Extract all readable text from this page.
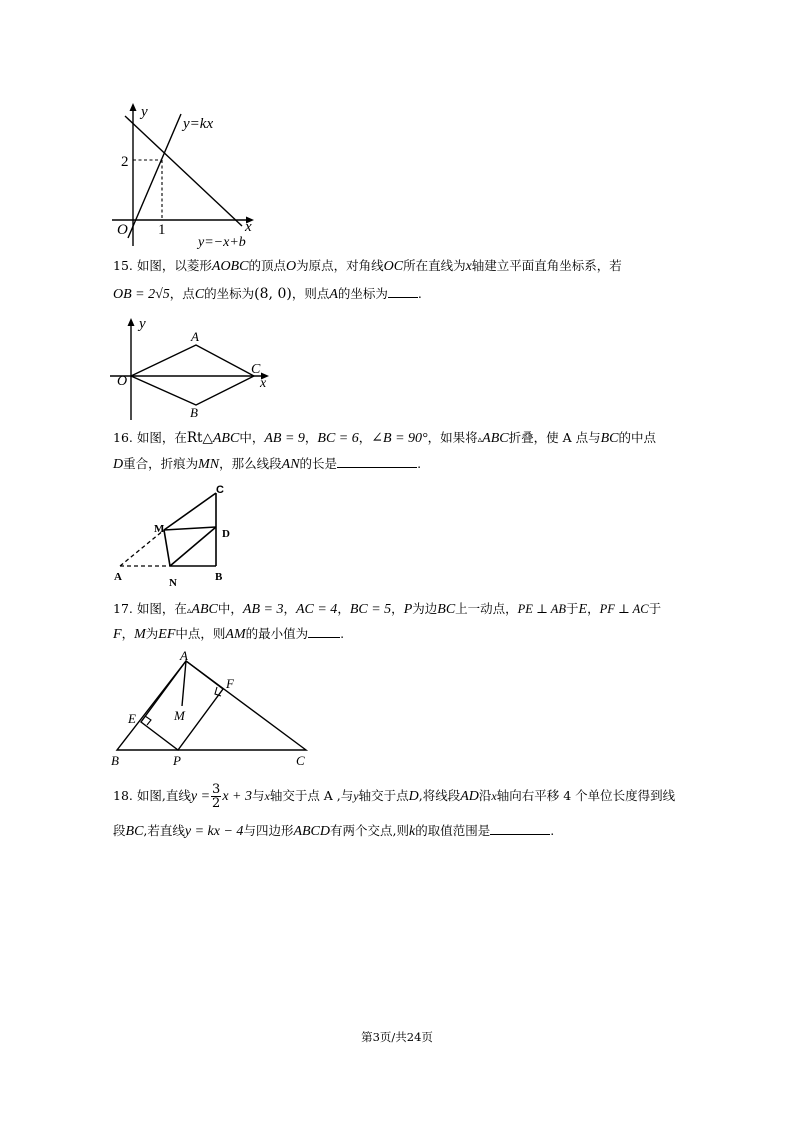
y
y=kx
2
x
O 1
y=−x+b
15. 如图，以菱形AOBC的顶点O为原点，对角线OC所在直线为x轴建立平面直角坐标系，若
OB = 2√5，点C的坐标为(8, 0)，则点A的坐标为 .
y
A
O
C
x
B
16. 如图，在Rt△ABC中，AB = 9，BC = 6，∠B = 90°，如果将▵ABC折叠，使 A 点与BC的中点
D重合，折痕为MN，那么线段AN的长是	.
C
M	D
A	N	B
17. 如图，在▵ABC中，AB = 3，AC = 4，BC = 5，P为边BC上一动点，PE ⊥ AB于E，PF ⊥ AC于
F，M为EF中点，则AM的最小值为	.
A
F
E	M
B	P	C
18. 如图,直线$y = \frac{3}{2}$ x + 3与x轴交于点 A ,与y轴交于点D,将线段AD沿x轴向右平移 4 个单位长度得到线
段BC,若直线y = kx − 4与四边形ABCD有两个交点,则k的取值范围是	.
第3页/共24页
